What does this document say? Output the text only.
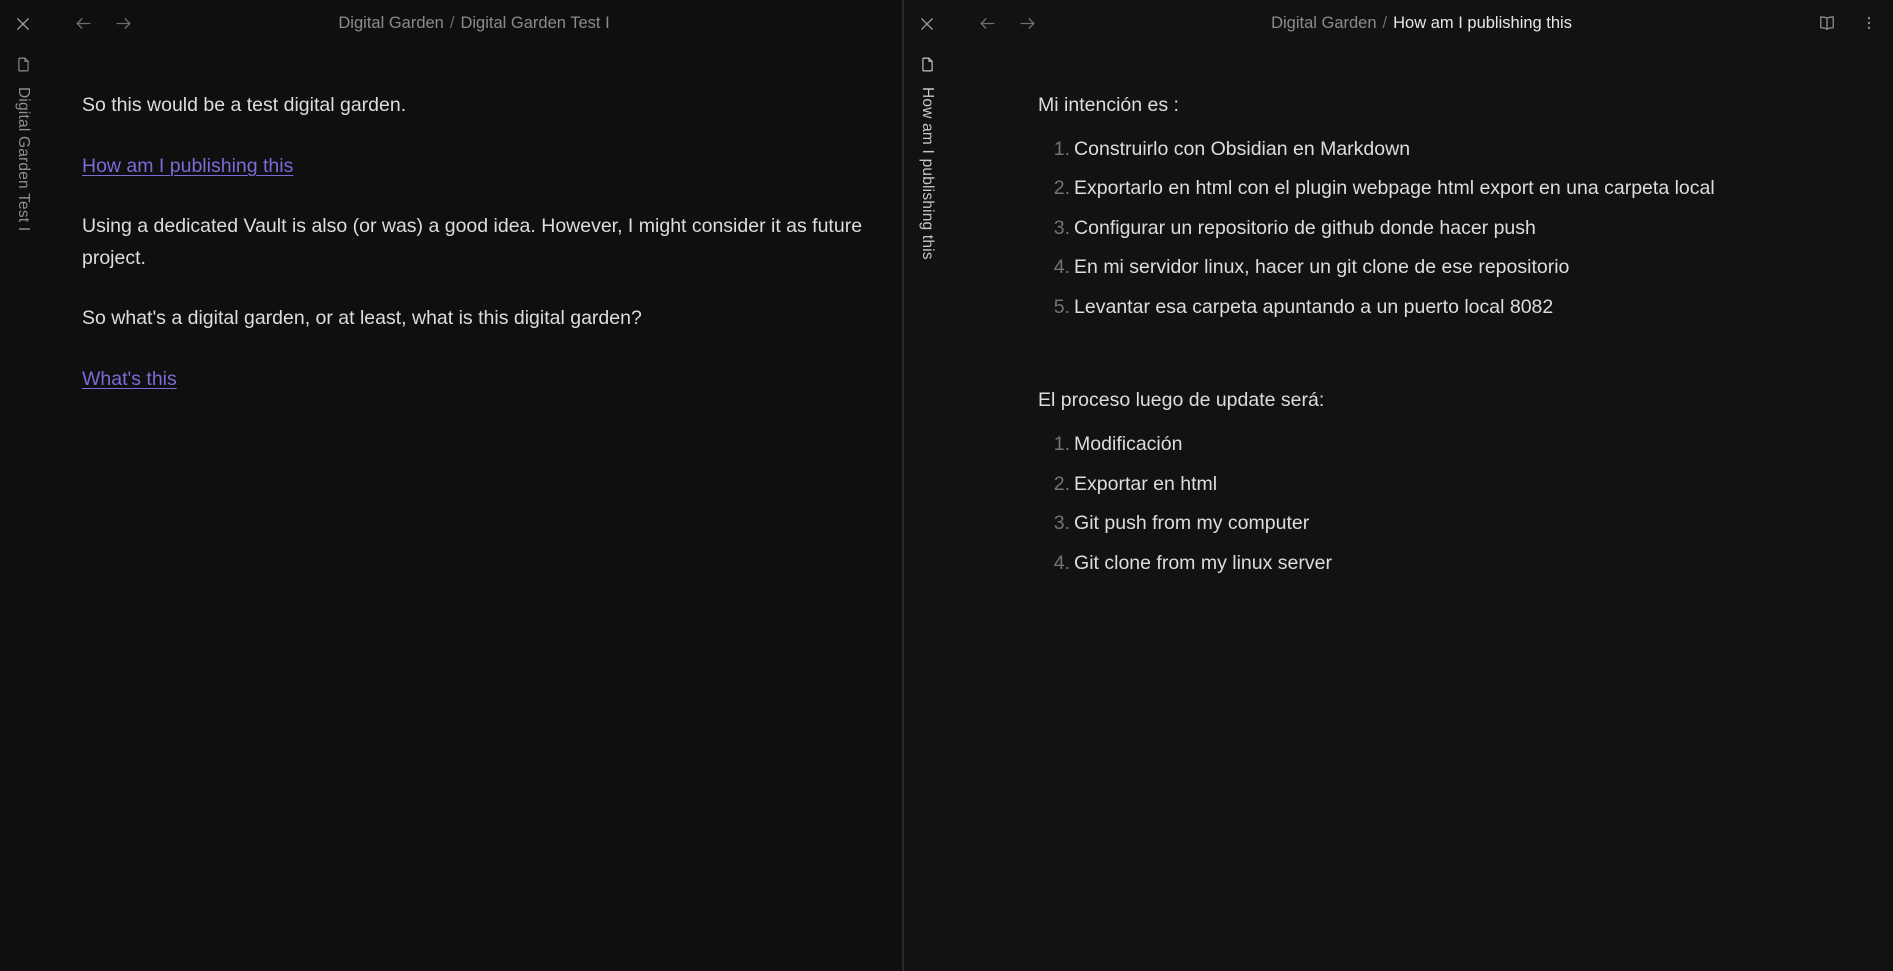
Digital Garden Test I
Digital Garden / Digital Garden Test I

So this would be a test digital garden.

How am I publishing this

Using a dedicated Vault is also (or was) a good idea. However, I might consider it as future project.

So what's a digital garden, or at least, what is this digital garden?

What's this

How am I publishing this
Digital Garden / How am I publishing this

Mi intención es :

Construirlo con Obsidian en Markdown
Exportarlo en html con el plugin webpage html export en una carpeta local
Configurar un repositorio de github donde hacer push
En mi servidor linux, hacer un git clone de ese repositorio
Levantar esa carpeta apuntando a un puerto local 8082

El proceso luego de update será:

Modificación
Exportar en html
Git push from my computer
Git clone from my linux server
